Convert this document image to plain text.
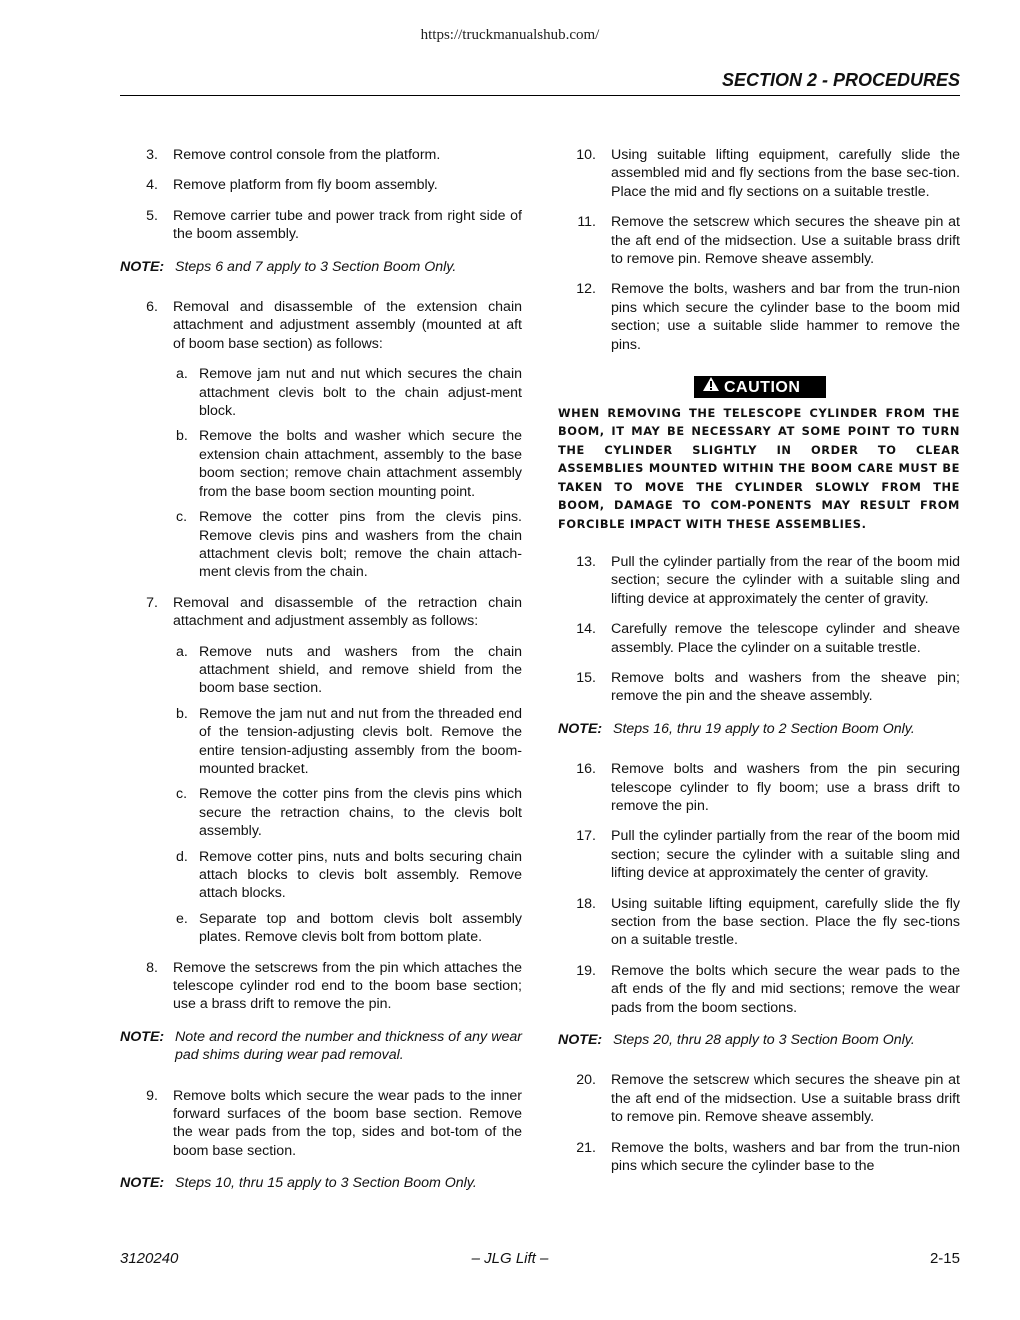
https://truckmanualshub.com/
SECTION 2 - PROCEDURES
3. Remove control console from the platform.
4. Remove platform from fly boom assembly.
5. Remove carrier tube and power track from right side of the boom assembly.
NOTE: Steps 6 and 7 apply to 3 Section Boom Only.
6. Removal and disassemble of the extension chain attachment and adjustment assembly (mounted at aft of boom base section) as follows:
a. Remove jam nut and nut which secures the chain attachment clevis bolt to the chain adjust-ment block.
b. Remove the bolts and washer which secure the extension chain attachment, assembly to the base boom section; remove chain attachment assembly from the base boom section mounting point.
c. Remove the cotter pins from the clevis pins. Remove clevis pins and washers from the chain attachment clevis bolt; remove the chain attach-ment clevis from the chain.
7. Removal and disassemble of the retraction chain attachment and adjustment assembly as follows:
a. Remove nuts and washers from the chain attachment shield, and remove shield from the boom base section.
b. Remove the jam nut and nut from the threaded end of the tension-adjusting clevis bolt. Remove the entire tension-adjusting assembly from the boom-mounted bracket.
c. Remove the cotter pins from the clevis pins which secure the retraction chains, to the clevis bolt assembly.
d. Remove cotter pins, nuts and bolts securing chain attach blocks to clevis bolt assembly. Remove attach blocks.
e. Separate top and bottom clevis bolt assembly plates. Remove clevis bolt from bottom plate.
8. Remove the setscrews from the pin which attaches the telescope cylinder rod end to the boom base section; use a brass drift to remove the pin.
NOTE: Note and record the number and thickness of any wear pad shims during wear pad removal.
9. Remove bolts which secure the wear pads to the inner forward surfaces of the boom base section. Remove the wear pads from the top, sides and bot-tom of the boom base section.
NOTE: Steps 10, thru 15 apply to 3 Section Boom Only.
10. Using suitable lifting equipment, carefully slide the assembled mid and fly sections from the base sec-tion. Place the mid and fly sections on a suitable trestle.
11. Remove the setscrew which secures the sheave pin at the aft end of the midsection. Use a suitable brass drift to remove pin. Remove sheave assembly.
12. Remove the bolts, washers and bar from the trun-nion pins which secure the cylinder base to the boom mid section; use a suitable slide hammer to remove the pins.
CAUTION
WHEN REMOVING THE TELESCOPE CYLINDER FROM THE BOOM, IT MAY BE NECESSARY AT SOME POINT TO TURN THE CYLINDER SLIGHTLY IN ORDER TO CLEAR ASSEMBLIES MOUNTED WITHIN THE BOOM CARE MUST BE TAKEN TO MOVE THE CYLINDER SLOWLY FROM THE BOOM, DAMAGE TO COM-PONENTS MAY RESULT FROM FORCIBLE IMPACT WITH THESE ASSEMBLIES.
13. Pull the cylinder partially from the rear of the boom mid section; secure the cylinder with a suitable sling and lifting device at approximately the center of gravity.
14. Carefully remove the telescope cylinder and sheave assembly. Place the cylinder on a suitable trestle.
15. Remove bolts and washers from the sheave pin; remove the pin and the sheave assembly.
NOTE: Steps 16, thru 19 apply to 2 Section Boom Only.
16. Remove bolts and washers from the pin securing telescope cylinder to fly boom; use a brass drift to remove the pin.
17. Pull the cylinder partially from the rear of the boom mid section; secure the cylinder with a suitable sling and lifting device at approximately the center of gravity.
18. Using suitable lifting equipment, carefully slide the fly section from the base section. Place the fly sec-tions on a suitable trestle.
19. Remove the bolts which secure the wear pads to the aft ends of the fly and mid sections; remove the wear pads from the boom sections.
NOTE: Steps 20, thru 28 apply to 3 Section Boom Only.
20. Remove the setscrew which secures the sheave pin at the aft end of the midsection. Use a suitable brass drift to remove pin. Remove sheave assembly.
21. Remove the bolts, washers and bar from the trun-nion pins which secure the cylinder base to the
3120240	– JLG Lift –	2-15
